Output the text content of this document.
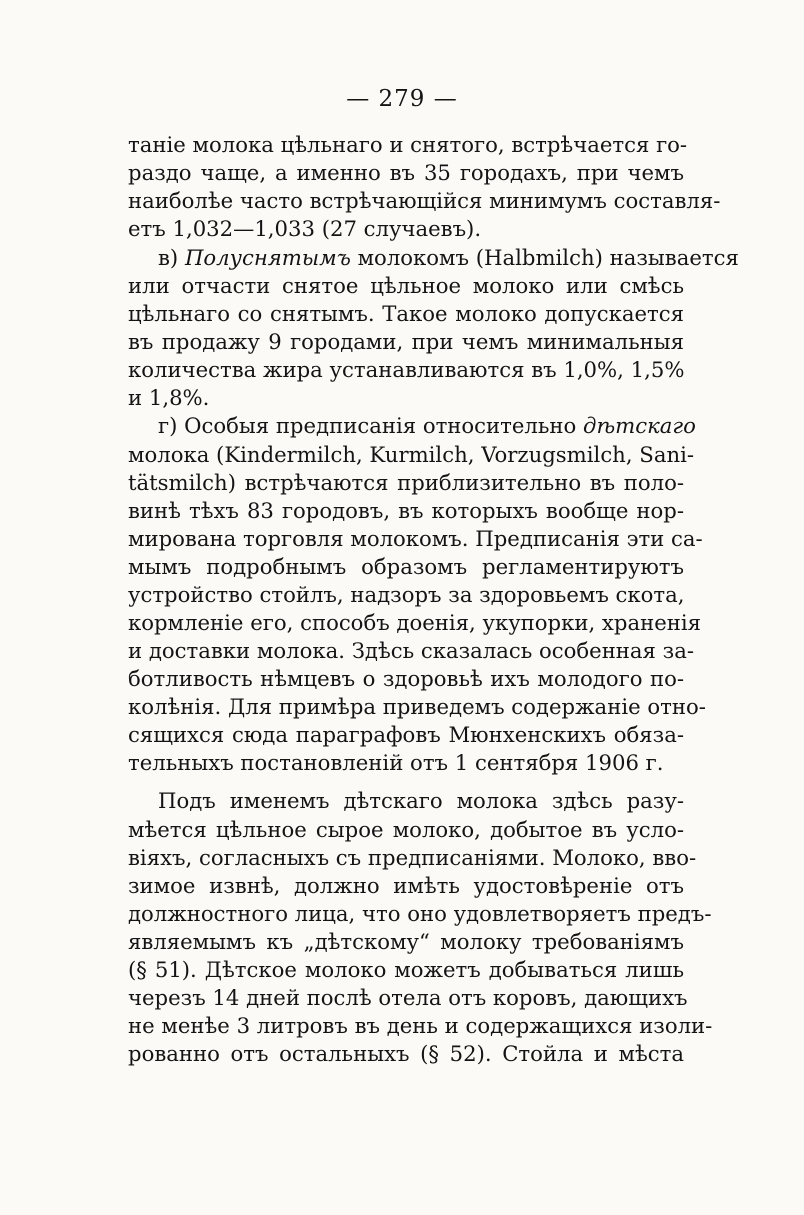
— 279 —
таніе молока цѣльнаго и снятого, встрѣчается го-
раздо чаще, а именно въ 35 городахъ, при чемъ
наиболѣе часто встрѣчающійся минимумъ составля-
етъ 1,032—1,033 (27 случаевъ).
в) Полуснятымъ молокомъ (Halbmilch) называется
или отчасти снятое цѣльное молоко или смѣсь
цѣльнаго со снятымъ. Такое молоко допускается
въ продажу 9 городами, при чемъ минимальныя
количества жира устанавливаются въ 1,0%, 1,5%
и 1,8%.
г) Особыя предписанія относительно дѣтскаго
молока (Kindermilch, Kurmilch, Vorzugsmilch, Sani-
tätsmilch) встрѣчаются приблизительно въ поло-
винѣ тѣхъ 83 городовъ, въ которыхъ вообще нор-
мирована торговля молокомъ. Предписанія эти са-
мымъ подробнымъ образомъ регламентируютъ
устройство стойлъ, надзоръ за здоровьемъ скота,
кормленіе его, способъ доенія, укупорки, храненія
и доставки молока. Здѣсь сказалась особенная за-
ботливость нѣмцевъ о здоровьѣ ихъ молодого по-
колѣнія. Для примѣра приведемъ содержаніе отно-
сящихся сюда параграфовъ Мюнхенскихъ обяза-
тельныхъ постановленій отъ 1 сентября 1906 г.
Подъ именемъ дѣтскаго молока здѣсь разу-
мѣется цѣльное сырое молоко, добытое въ усло-
віяхъ, согласныхъ съ предписаніями. Молоко, вво-
зимое извнѣ, должно имѣть удостовѣреніе отъ
должностного лица, что оно удовлетворяетъ предъ-
являемымъ къ „дѣтскому“ молоку требованіямъ
(§ 51). Дѣтское молоко можетъ добываться лишь
черезъ 14 дней послѣ отела отъ коровъ, дающихъ
не менѣе 3 литровъ въ день и содержащихся изоли-
рованно отъ остальныхъ (§ 52). Стойла и мѣста
